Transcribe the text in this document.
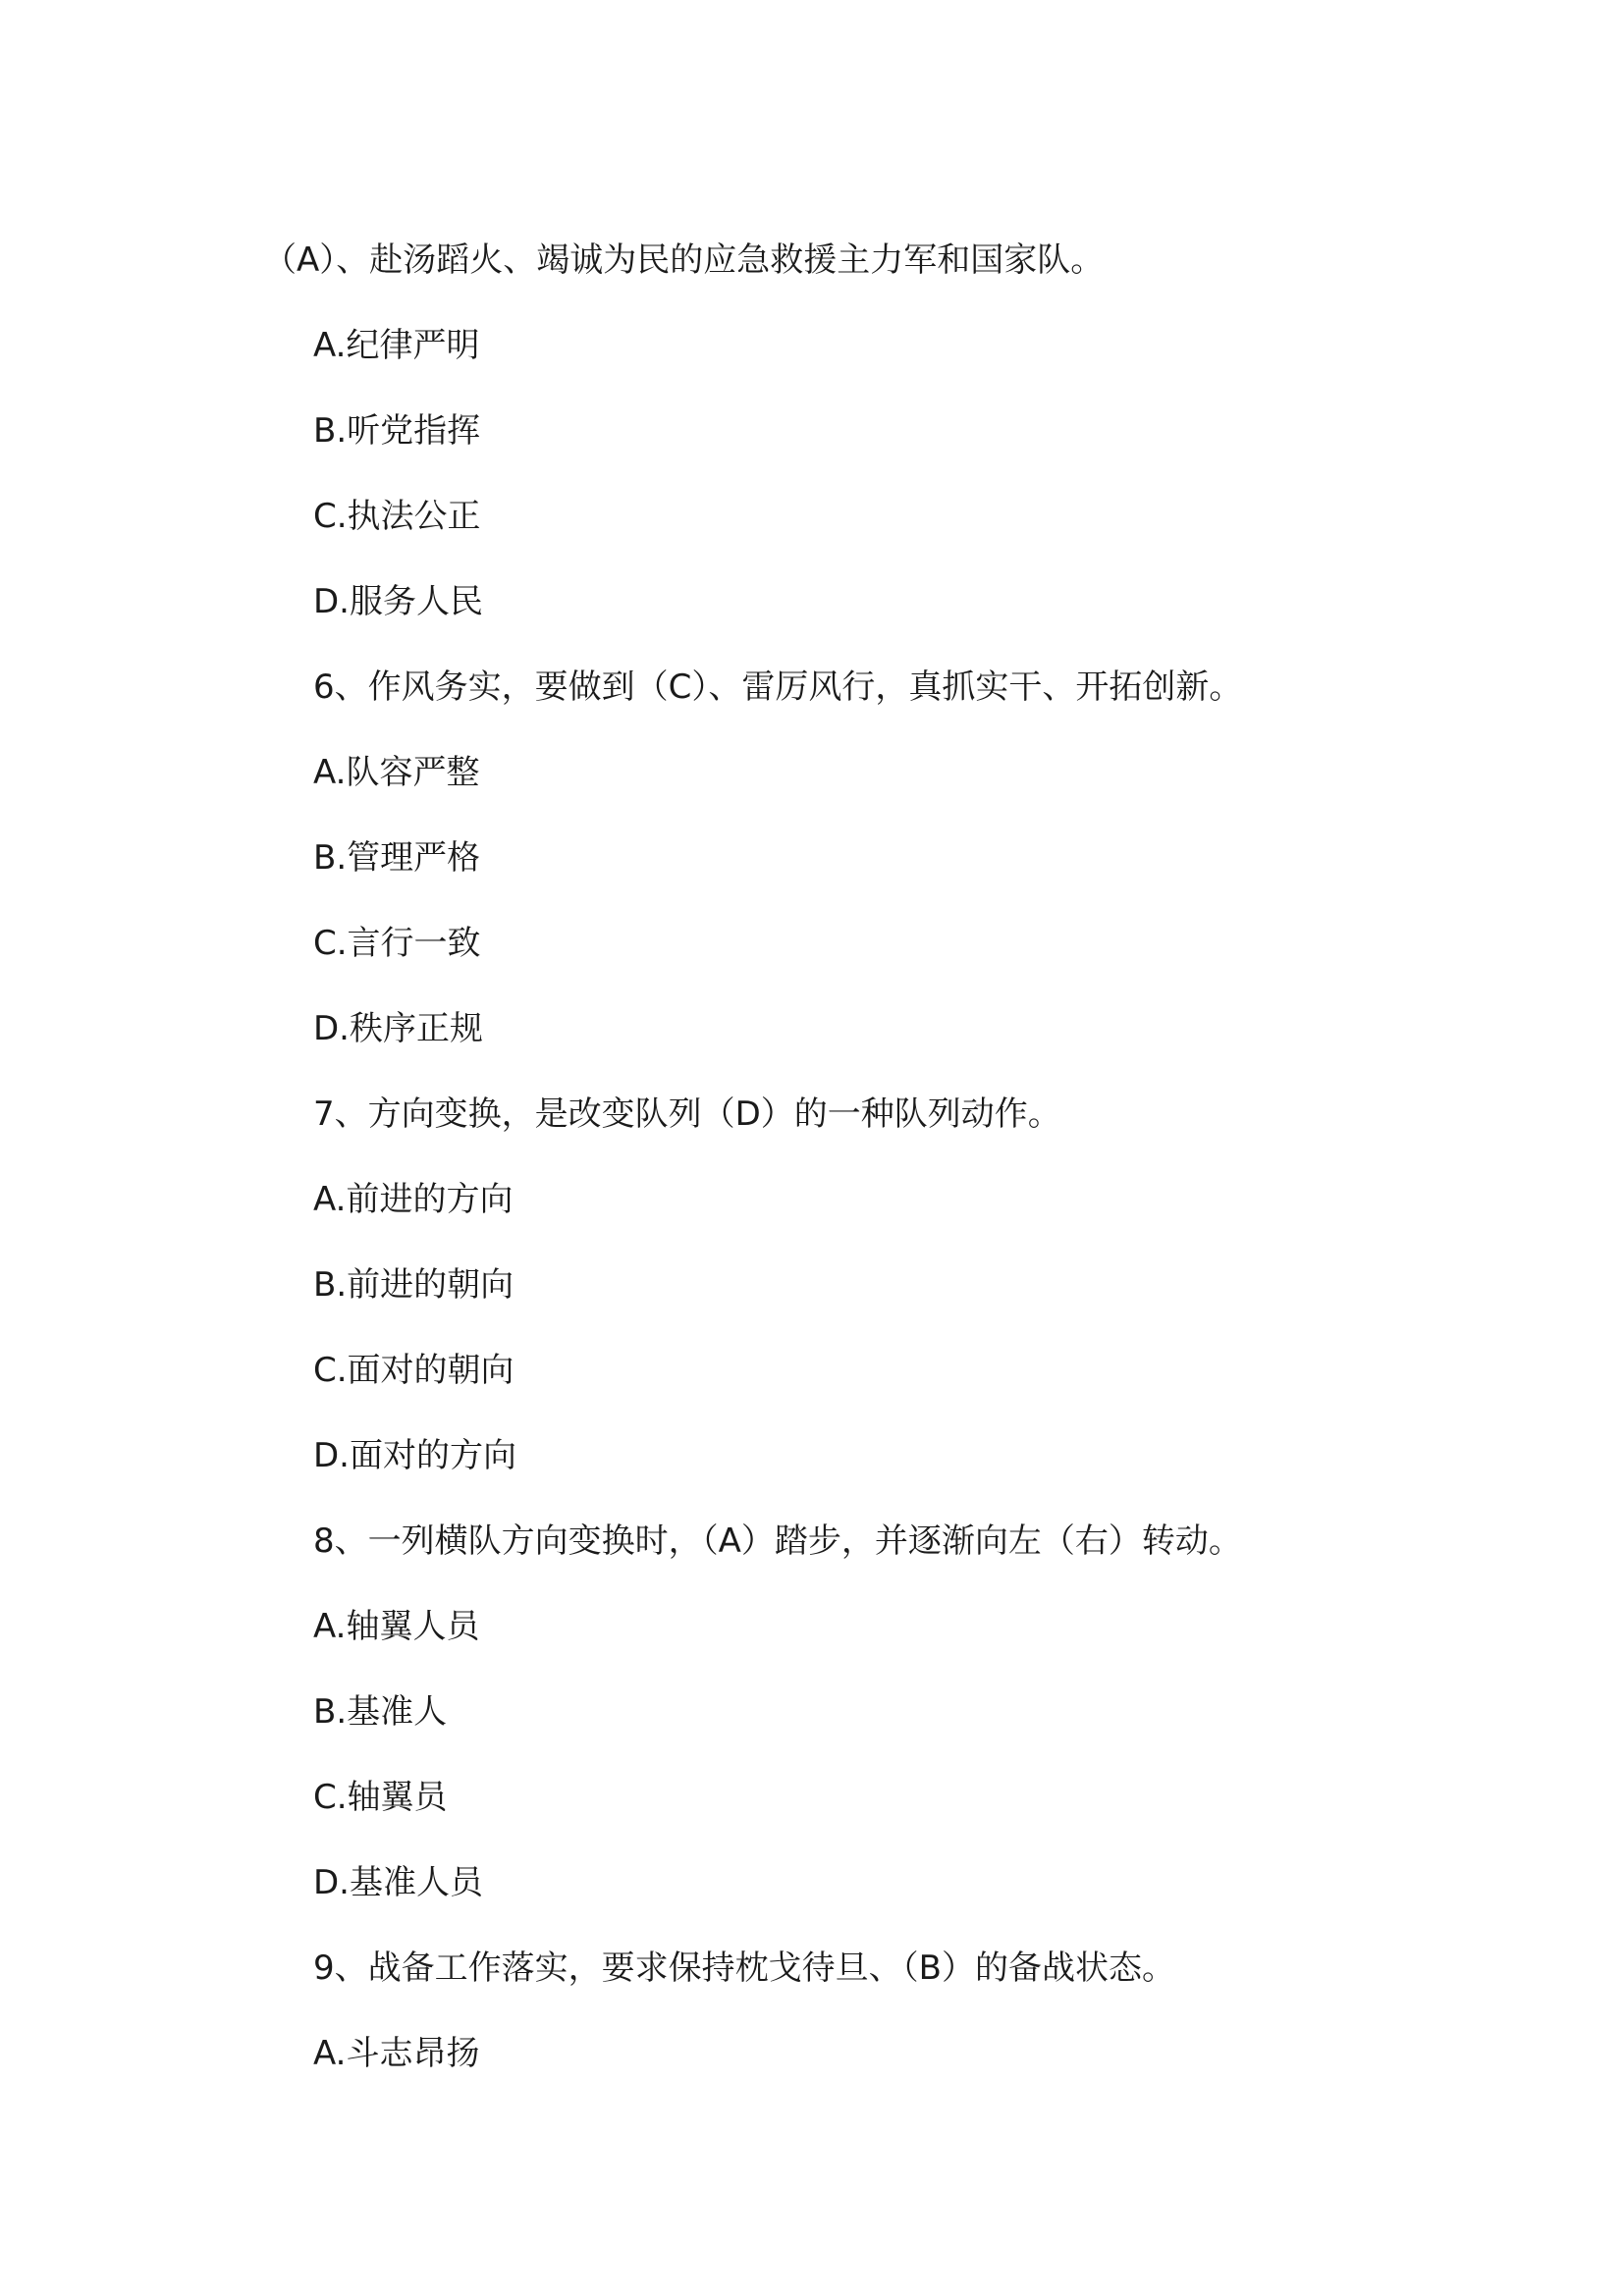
（A）、赴汤蹈火、竭诚为民的应急救援主力军和国家队。
A.纪律严明
B.听党指挥
C.执法公正
D.服务人民
6、作风务实，要做到（C）、雷厉风行，真抓实干、开拓创新。
A.队容严整
B.管理严格
C.言行一致
D.秩序正规
7、方向变换，是改变队列（D）的一种队列动作。
A.前进的方向
B.前进的朝向
C.面对的朝向
D.面对的方向
8、一列横队方向变换时，（A）踏步，并逐渐向左（右）转动。
A.轴翼人员
B.基准人
C.轴翼员
D.基准人员
9、战备工作落实，要求保持枕戈待旦、（B）的备战状态。
A.斗志昂扬
